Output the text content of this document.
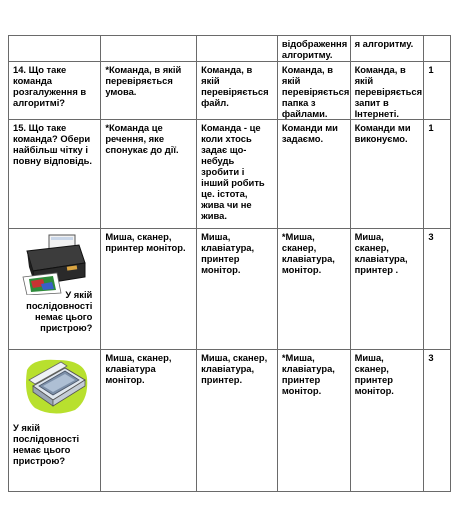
			відображення алгоритму.	я алгоритму.	
14. Що таке команда розгалуження в алгоритмі?	*Команда, в якій перевіряється умова.	Команда, в якій перевіряється файл.	Команда, в якій перевіряється папка з файлами.	Команда, в якій перевіряється запит в Інтернеті.	1
15. Що таке команда? Обери найбільш чітку і повну відповідь.	*Команда це речення, яке спонукає до дії.	Команда - це коли хтось задає що-небудь зробити і інший робить це. істота, жива чи не жива.	Команди ми задаємо.	Команди ми виконуємо.	1

У якій послідовності немає цього пристрою?	Миша, сканер, принтер монітор.	Миша, клавіатура, принтер монітор.	*Миша, сканер, клавіатура, монітор.	Миша, сканер, клавіатура, принтер .	3

У якій послідовності немає цього пристрою?	Миша, сканер, клавіатура монітор.	Миша, сканер, клавіатура, принтер.	*Миша, клавіатура, принтер монітор.	Миша, сканер, принтер монітор.	3
